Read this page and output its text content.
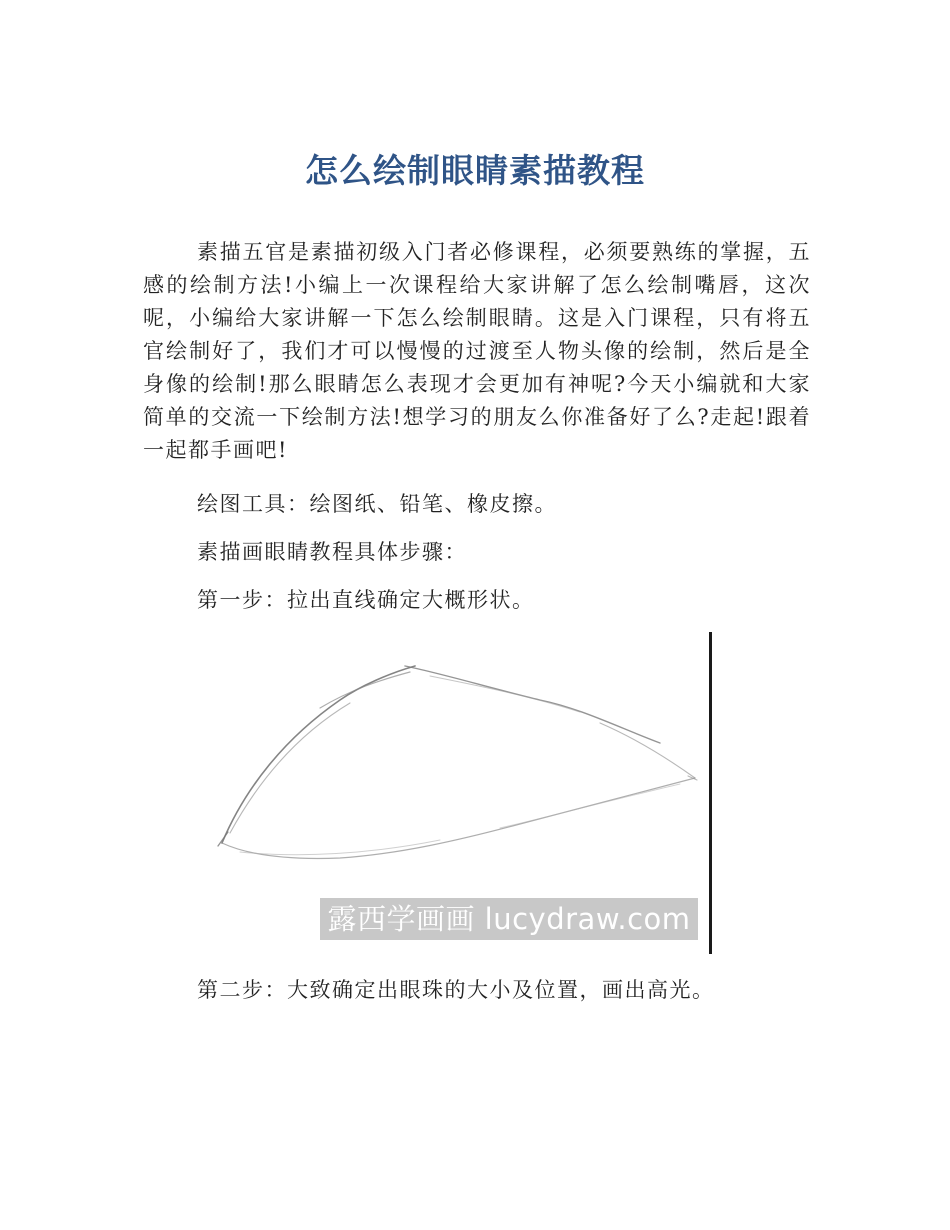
怎么绘制眼睛素描教程

素描五官是素描初级入门者必修课程，必须要熟练的掌握，五感的绘制方法!小编上一次课程给大家讲解了怎么绘制嘴唇，这次呢，小编给大家讲解一下怎么绘制眼睛。这是入门课程，只有将五官绘制好了，我们才可以慢慢的过渡至人物头像的绘制，然后是全身像的绘制!那么眼睛怎么表现才会更加有神呢?今天小编就和大家简单的交流一下绘制方法!想学习的朋友么你准备好了么?走起!跟着一起都手画吧!

绘图工具：绘图纸、铅笔、橡皮擦。

素描画眼睛教程具体步骤：

第一步：拉出直线确定大概形状。

露西学画画 lucydraw.com

第二步：大致确定出眼珠的大小及位置，画出高光。
